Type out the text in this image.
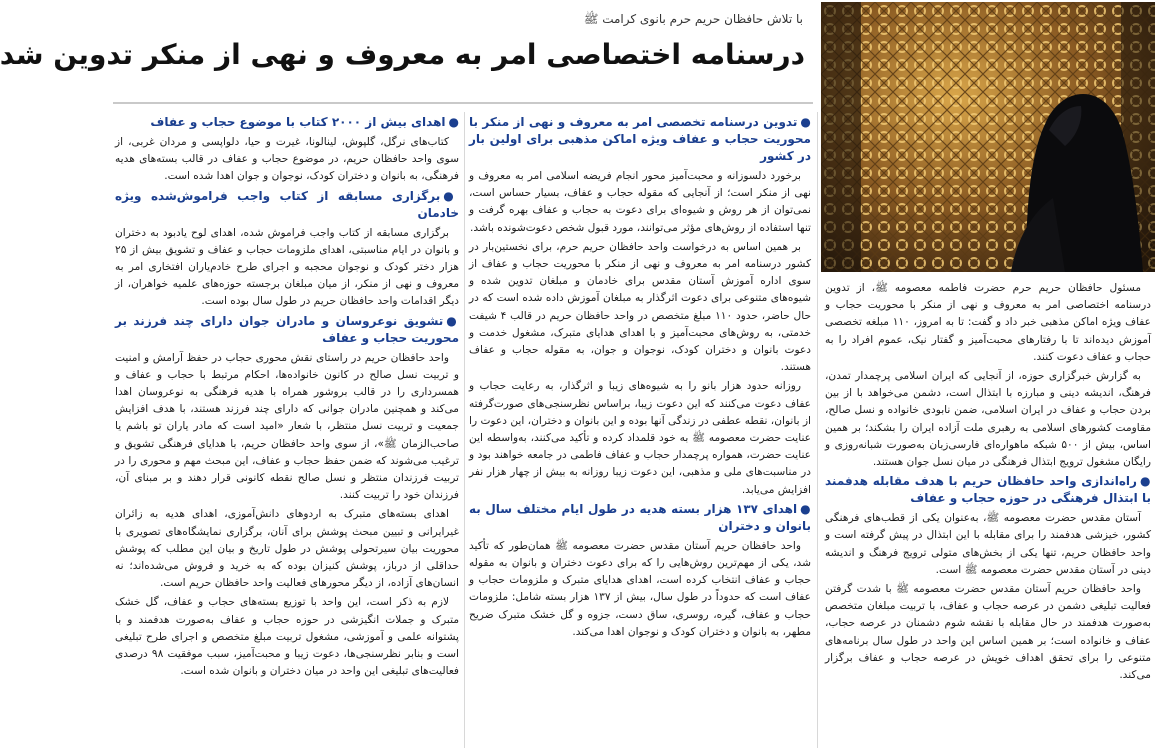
با تلاش حافظان حریم حرم بانوی کرامت ﷺ
درسنامه اختصاصی امر به معروف و نهی از منکر تدوین شد

مسئول حافظان حریم حرم حضرت فاطمه معصومه ﷺ، از تدوین درسنامه اختصاصی امر به معروف و نهی از منکر با محوریت حجاب و عفاف ویژه اماکن مذهبی خبر داد و گفت: تا به امروز، ۱۱۰ مبلغه تخصصی آموزش دیده‌اند تا با رفتارهای محبت‌آمیز و گفتار نیک، عموم افراد را به حجاب و عفاف دعوت کنند.

به گزارش خبرگزاری حوزه، از آنجایی که ایران اسلامی پرچمدار تمدن، فرهنگ، اندیشه دینی و مبارزه با ابتذال است، دشمن می‌خواهد با از بین بردن حجاب و عفاف در ایران اسلامی، ضمن نابودی خانواده و نسل صالح، مقاومت کشورهای اسلامی به رهبری ملت آزاده ایران را بشکند؛ بر همین اساس، بیش از ۵۰۰ شبکه ماهواره‌ای فارسی‌زبان به‌صورت شبانه‌روزی و رایگان مشغول ترویج ابتذال فرهنگی در میان نسل جوان هستند.

●راه‌اندازی واحد حافظان حریم با هدف مقابله هدفمند با ابتذال فرهنگی در حوزه حجاب و عفاف

آستان مقدس حضرت معصومه ﷺ، به‌عنوان یکی از قطب‌های فرهنگی کشور، خیزشی هدفمند را برای مقابله با این ابتذال در پیش گرفته است و واحد حافظان حریم، تنها یکی از بخش‌های متولی ترویج فرهنگ و اندیشه دینی در آستان مقدس حضرت معصومه ﷺ است.

واحد حافظان حریم آستان مقدس حضرت معصومه ﷺ با شدت گرفتن فعالیت تبلیغی دشمن در عرصه حجاب و عفاف، با تربیت مبلغان متخصص به‌صورت هدفمند در حال مقابله با نقشه شوم دشمنان در عرصه حجاب، عفاف و خانواده است؛ بر همین اساس این واحد در طول سال برنامه‌های متنوعی را برای تحقق اهداف خویش در عرصه حجاب و عفاف برگزار می‌کند.

●تدوین درسنامه تخصصی امر به معروف و نهی از منکر با محوریت حجاب و عفاف ویژه اماکن مذهبی برای اولین بار در کشور

برخورد دلسوزانه و محبت‌آمیز محور انجام فریضه اسلامی امر به معروف و نهی از منکر است؛ از آنجایی که مقوله حجاب و عفاف، بسیار حساس است، نمی‌توان از هر روش و شیوه‌ای برای دعوت به حجاب و عفاف بهره گرفت و تنها استفاده از روش‌های مؤثر می‌توانند، مورد قبول شخص دعوت‌شونده باشد.

بر همین اساس به درخواست واحد حافظان حریم حرم، برای نخستین‌بار در کشور درسنامه امر به معروف و نهی از منکر با محوریت حجاب و عفاف از سوی اداره آموزش آستان مقدس برای خادمان و مبلغان تدوین شده و شیوه‌های متنوعی برای دعوت اثرگذار به مبلغان آموزش داده شده است که در حال حاضر، حدود ۱۱۰ مبلغ متخصص در واحد حافظان حریم در قالب ۴ شیفت خدمتی، به روش‌های محبت‌آمیز و با اهدای هدایای متبرک، مشغول خدمت و دعوت بانوان و دختران کودک، نوجوان و جوان، به مقوله حجاب و عفاف هستند.

روزانه حدود هزار بانو را به شیوه‌های زیبا و اثرگذار، به رعایت حجاب و عفاف دعوت می‌کنند که این دعوت زیبا، براساس نظرسنجی‌های صورت‌گرفته از بانوان، نقطه عطفی در زندگی آنها بوده و این بانوان و دختران، این دعوت را عنایت حضرت معصومه ﷺ به خود قلمداد کرده و تأکید می‌کنند، به‌واسطه این عنایت حضرت، همواره پرچمدار حجاب و عفاف فاطمی در جامعه خواهند بود و در مناسبت‌های ملی و مذهبی، این دعوت زیبا روزانه به بیش از چهار هزار نفر افزایش می‌یابد.

●اهدای ۱۳۷ هزار بسته هدیه در طول ایام مختلف سال به بانوان و دختران

واحد حافظان حریم آستان مقدس حضرت معصومه ﷺ همان‌طور که تأکید شد، یکی از مهم‌ترین روش‌هایی را که برای دعوت دختران و بانوان به مقوله حجاب و عفاف انتخاب کرده است، اهدای هدایای متبرک و ملزومات حجاب و عفاف است که حدوداً در طول سال، بیش از ۱۳۷ هزار بسته شامل: ملزومات حجاب و عفاف، گیره، روسری، ساق دست، جزوه و گل خشک متبرک ضریح مطهر، به بانوان و دختران کودک و نوجوان اهدا می‌کند.

●اهدای بیش از ۲۰۰۰ کتاب با موضوع حجاب و عفاف

کتاب‌های نرگل، گلپوش، لینالونا، غیرت و حیا، دلواپسی و مردان غربی، از سوی واحد حافظان حریم، در موضوع حجاب و عفاف در قالب بسته‌های هدیه فرهنگی، به بانوان و دختران کودک، نوجوان و جوان اهدا شده است.

●برگزاری مسابقه از کتاب واجب فراموش‌شده ویژه خادمان

برگزاری مسابقه از کتاب واجب فراموش شده، اهدای لوح یادبود به دختران و بانوان در ایام مناسبتی، اهدای ملزومات حجاب و عفاف و تشویق بیش از ۲۵ هزار دختر کودک و نوجوان محجبه و اجرای طرح خادم‌یاران افتخاری امر به معروف و نهی از منکر، از میان مبلغان برجسته حوزه‌های علمیه خواهران، از دیگر اقدامات واحد حافظان حریم در طول سال بوده است.

●تشویق نوعروسان و مادران جوان دارای چند فرزند بر محوریت حجاب و عفاف

واحد حافظان حریم در راستای نقش محوری حجاب در حفظ آرامش و امنیت و تربیت نسل صالح در کانون خانواده‌ها، احکام مرتبط با حجاب و عفاف و همسرداری را در قالب بروشور همراه با هدیه فرهنگی به نوعروسان اهدا می‌کند و همچنین مادران جوانی که دارای چند فرزند هستند، با هدف افزایش جمعیت و تربیت نسل منتظر، با شعار «امید است که مادر یاران تو باشم یا صاحب‌الزمان ﷺ»، از سوی واحد حافظان حریم، با هدایای فرهنگی تشویق و ترغیب می‌شوند که ضمن حفظ حجاب و عفاف، این مبحث مهم و محوری را در تربیت فرزندان منتظر و نسل صالح نقطه کانونی قرار دهند و بر مبنای آن، فرزندان خود را تربیت کنند.

اهدای بسته‌های متبرک به اردوهای دانش‌آموزی، اهدای هدیه به زائران غیرایرانی و تبیین مبحث پوشش برای آنان، برگزاری نمایشگاه‌های تصویری با محوریت بیان سیرتحولی پوشش در طول تاریخ و بیان این مطلب که پوشش حداقلی از درباز، پوشش کنیزان بوده که به خرید و فروش می‌شده‌اند؛ نه انسان‌های آزاده، از دیگر محورهای فعالیت واحد حافظان حریم است.

لازم به ذکر است، این واحد با توزیع بسته‌های حجاب و عفاف، گل خشک متبرک و جملات انگیزشی در حوزه حجاب و عفاف به‌صورت هدفمند و با پشتوانه علمی و آموزشی، مشغول تربیت مبلغ متخصص و اجرای طرح تبلیغی است و بنابر نظرسنجی‌ها، دعوت زیبا و محبت‌آمیز، سبب موفقیت ۹۸ درصدی فعالیت‌های تبلیغی این واحد در میان دختران و بانوان شده است.
